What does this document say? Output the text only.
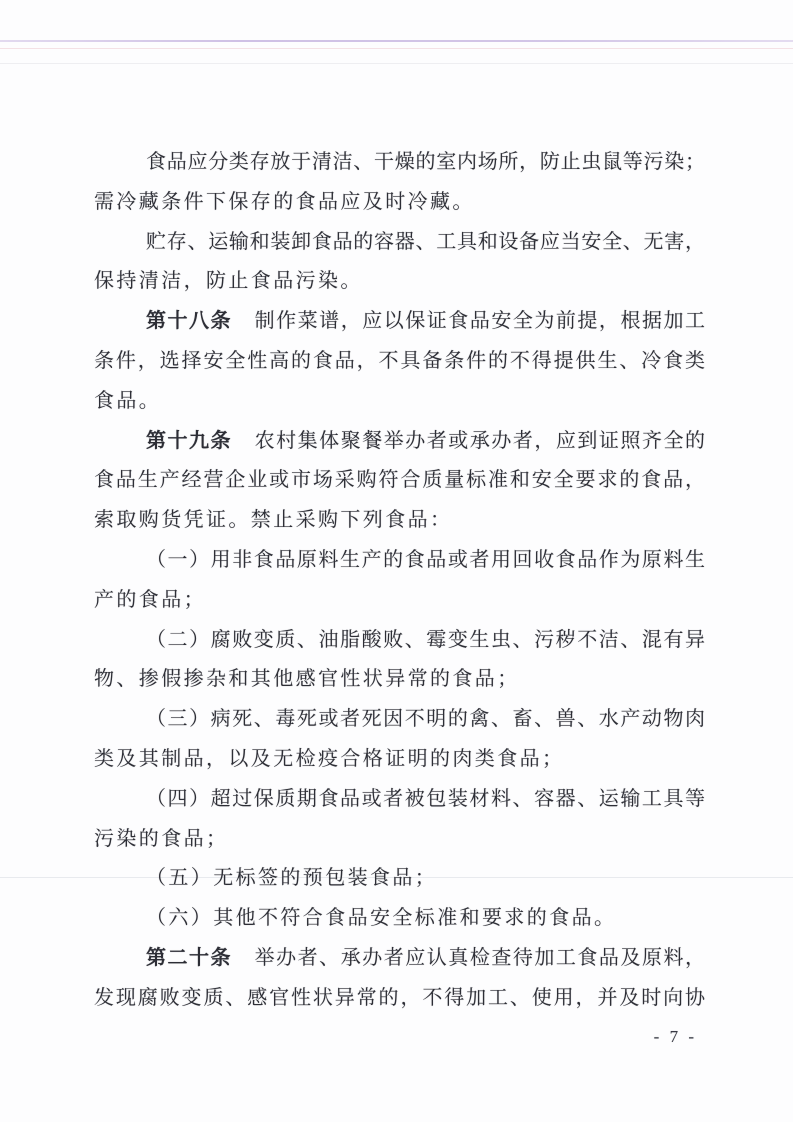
食品应分类存放于清洁、干燥的室内场所，防止虫鼠等污染；
需冷藏条件下保存的食品应及时冷藏。
贮存、运输和装卸食品的容器、工具和设备应当安全、无害，
保持清洁，防止食品污染。
第十八条 制作菜谱，应以保证食品安全为前提，根据加工
条件，选择安全性高的食品，不具备条件的不得提供生、冷食类
食品。
第十九条 农村集体聚餐举办者或承办者，应到证照齐全的
食品生产经营企业或市场采购符合质量标准和安全要求的食品，
索取购货凭证。禁止采购下列食品：
（一）用非食品原料生产的食品或者用回收食品作为原料生
产的食品；
（二）腐败变质、油脂酸败、霉变生虫、污秽不洁、混有异
物、掺假掺杂和其他感官性状异常的食品；
（三）病死、毒死或者死因不明的禽、畜、兽、水产动物肉
类及其制品，以及无检疫合格证明的肉类食品；
（四）超过保质期食品或者被包装材料、容器、运输工具等
污染的食品；
（五）无标签的预包装食品；
（六）其他不符合食品安全标准和要求的食品。
第二十条 举办者、承办者应认真检查待加工食品及原料，
发现腐败变质、感官性状异常的，不得加工、使用，并及时向协
- 7 -
